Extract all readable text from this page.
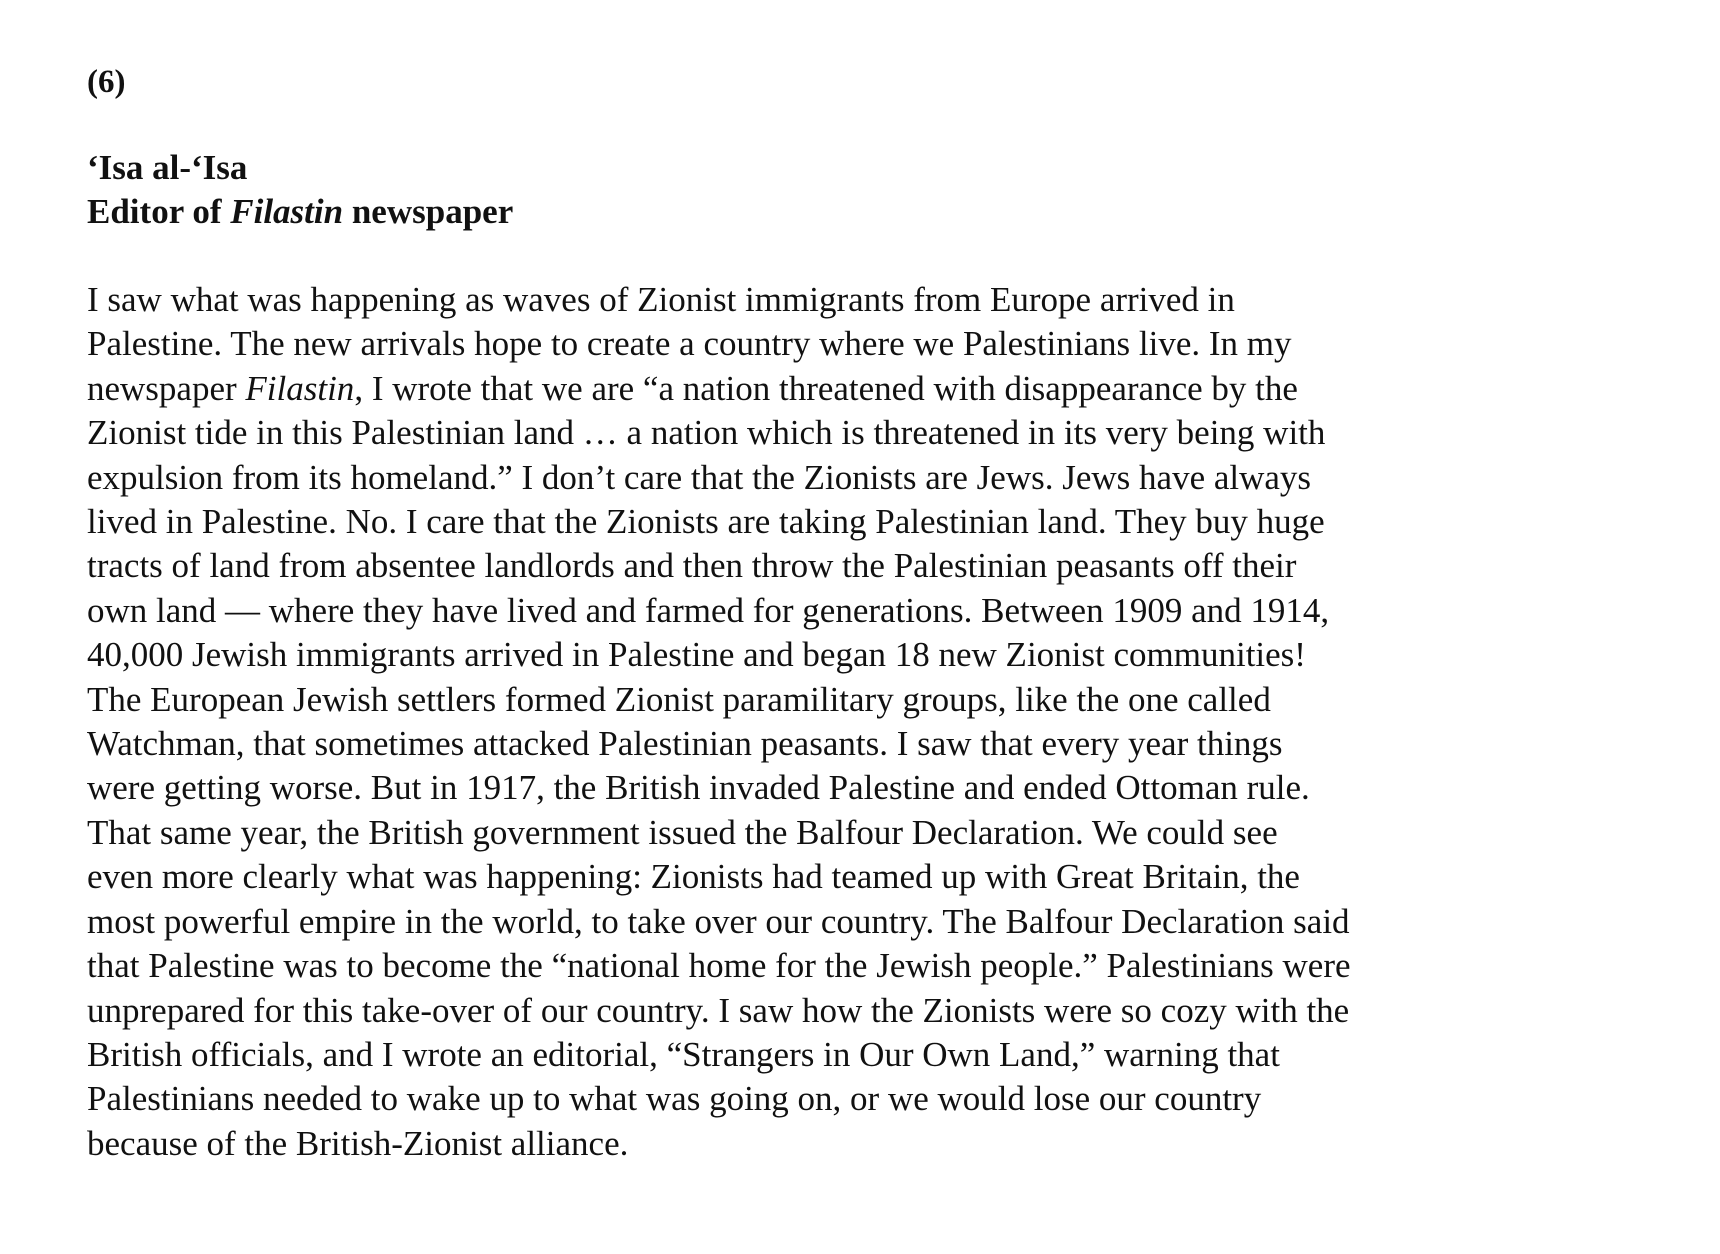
(6)
‘Isa al-‘Isa
Editor of Filastin newspaper
I saw what was happening as waves of Zionist immigrants from Europe arrived in
Palestine. The new arrivals hope to create a country where we Palestinians live. In my
newspaper Filastin, I wrote that we are “a nation threatened with disappearance by the
Zionist tide in this Palestinian land … a nation which is threatened in its very being with
expulsion from its homeland.” I don’t care that the Zionists are Jews. Jews have always
lived in Palestine. No. I care that the Zionists are taking Palestinian land. They buy huge
tracts of land from absentee landlords and then throw the Palestinian peasants off their
own land — where they have lived and farmed for generations. Between 1909 and 1914,
40,000 Jewish immigrants arrived in Palestine and began 18 new Zionist communities!
The European Jewish settlers formed Zionist paramilitary groups, like the one called
Watchman, that sometimes attacked Palestinian peasants. I saw that every year things
were getting worse. But in 1917, the British invaded Palestine and ended Ottoman rule.
That same year, the British government issued the Balfour Declaration. We could see
even more clearly what was happening: Zionists had teamed up with Great Britain, the
most powerful empire in the world, to take over our country. The Balfour Declaration said
that Palestine was to become the “national home for the Jewish people.” Palestinians were
unprepared for this take-over of our country. I saw how the Zionists were so cozy with the
British officials, and I wrote an editorial, “Strangers in Our Own Land,” warning that
Palestinians needed to wake up to what was going on, or we would lose our country
because of the British-Zionist alliance.
